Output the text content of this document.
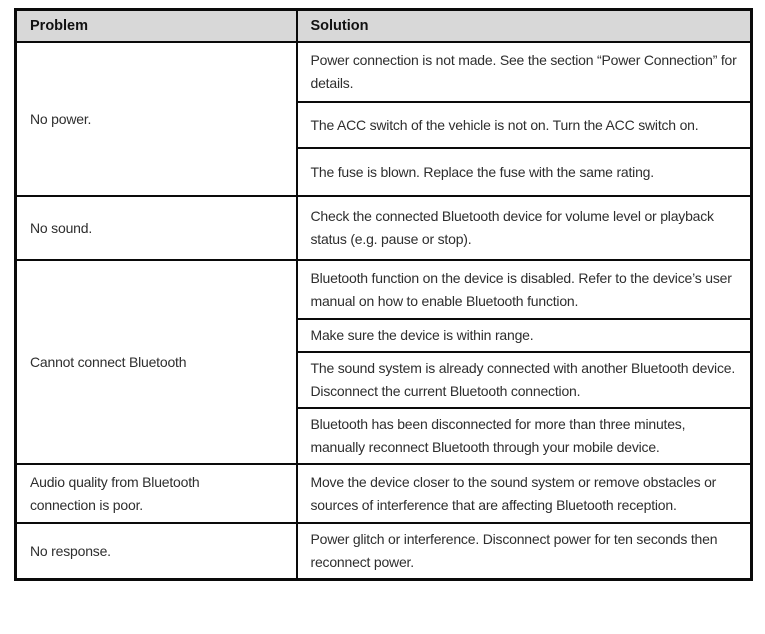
Problem	Solution
No power.	Power connection is not made. See the section “Power Connection” for details.
	The ACC switch of the vehicle is not on. Turn the ACC switch on.
	The fuse is blown. Replace the fuse with the same rating.
No sound.	Check the connected Bluetooth device for volume level or playback status (e.g. pause or stop).
Cannot connect Bluetooth	Bluetooth function on the device is disabled. Refer to the device’s user manual on how to enable Bluetooth function.
	Make sure the device is within range.
	The sound system is already connected with another Bluetooth device. Disconnect the current Bluetooth connection.
	Bluetooth has been disconnected for more than three minutes, manually reconnect Bluetooth through your mobile device.
Audio quality from Bluetooth connection is poor.	Move the device closer to the sound system or remove obstacles or sources of interference that are affecting Bluetooth reception.
No response.	Power glitch or interference. Disconnect power for ten seconds then reconnect power.
